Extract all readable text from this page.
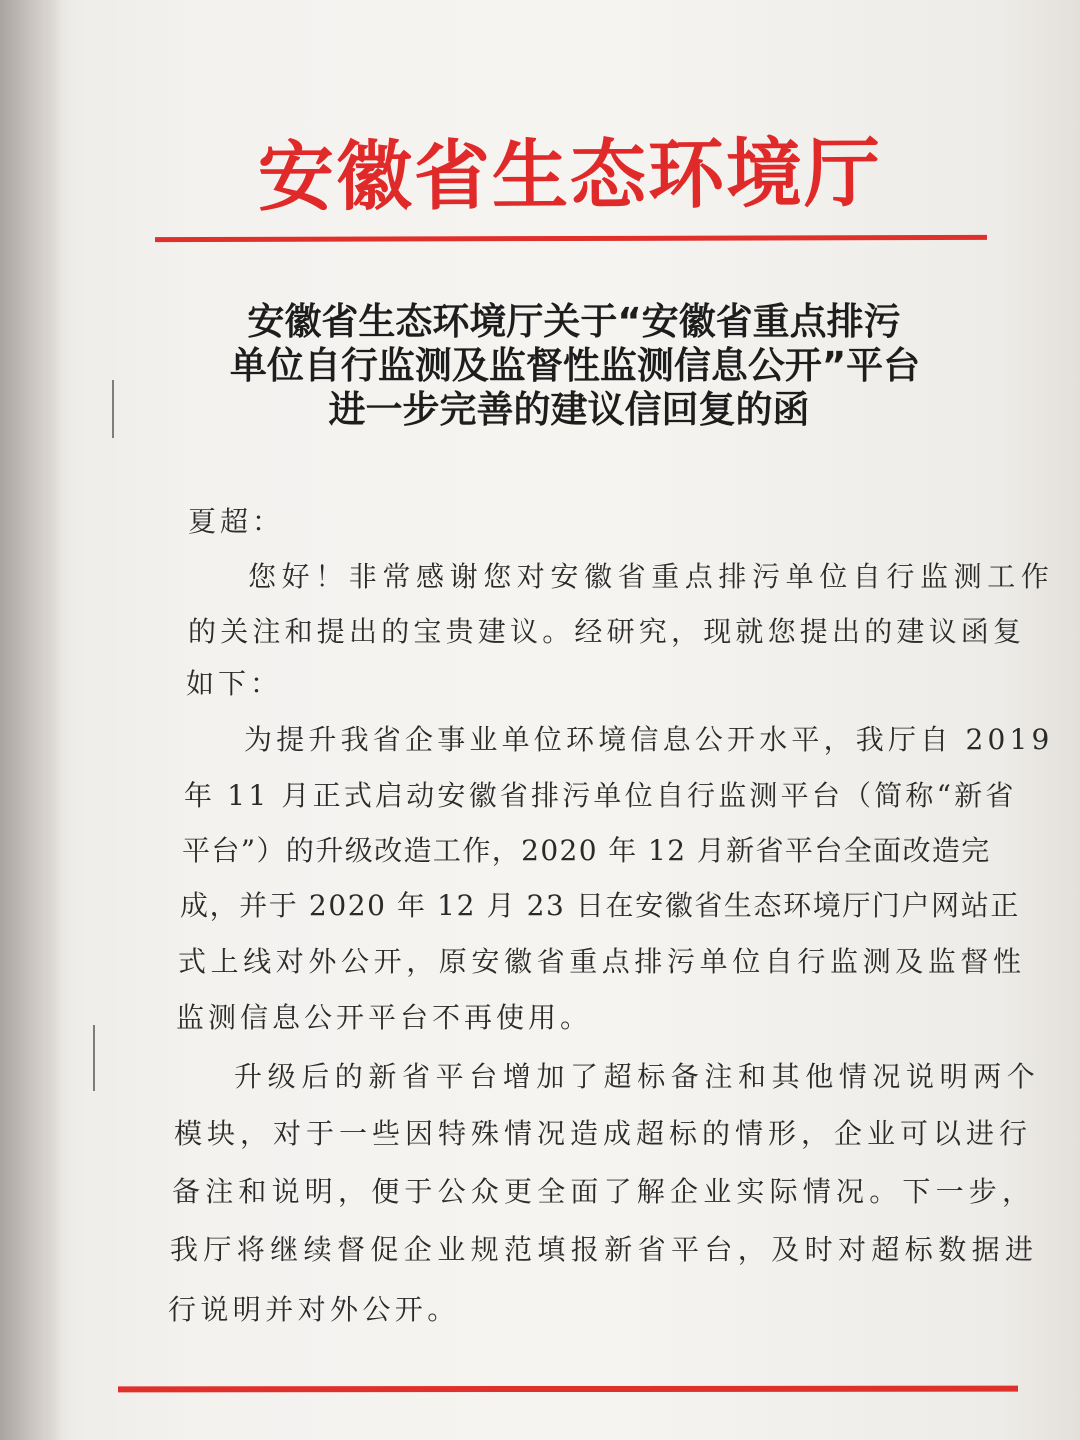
安徽省生态环境厅
安徽省生态环境厅关于“安徽省重点排污
单位自行监测及监督性监测信息公开”平台
进一步完善的建议信回复的函
夏超：
您好！非常感谢您对安徽省重点排污单位自行监测工作
的关注和提出的宝贵建议。经研究，现就您提出的建议函复
如下：
为提升我省企事业单位环境信息公开水平，我厅自 2019
年 11 月正式启动安徽省排污单位自行监测平台（简称“新省
平台”）的升级改造工作，2020 年 12 月新省平台全面改造完
成，并于 2020 年 12 月 23 日在安徽省生态环境厅门户网站正
式上线对外公开，原安徽省重点排污单位自行监测及监督性
监测信息公开平台不再使用。
升级后的新省平台增加了超标备注和其他情况说明两个
模块，对于一些因特殊情况造成超标的情形，企业可以进行
备注和说明，便于公众更全面了解企业实际情况。下一步，
我厅将继续督促企业规范填报新省平台，及时对超标数据进
行说明并对外公开。
